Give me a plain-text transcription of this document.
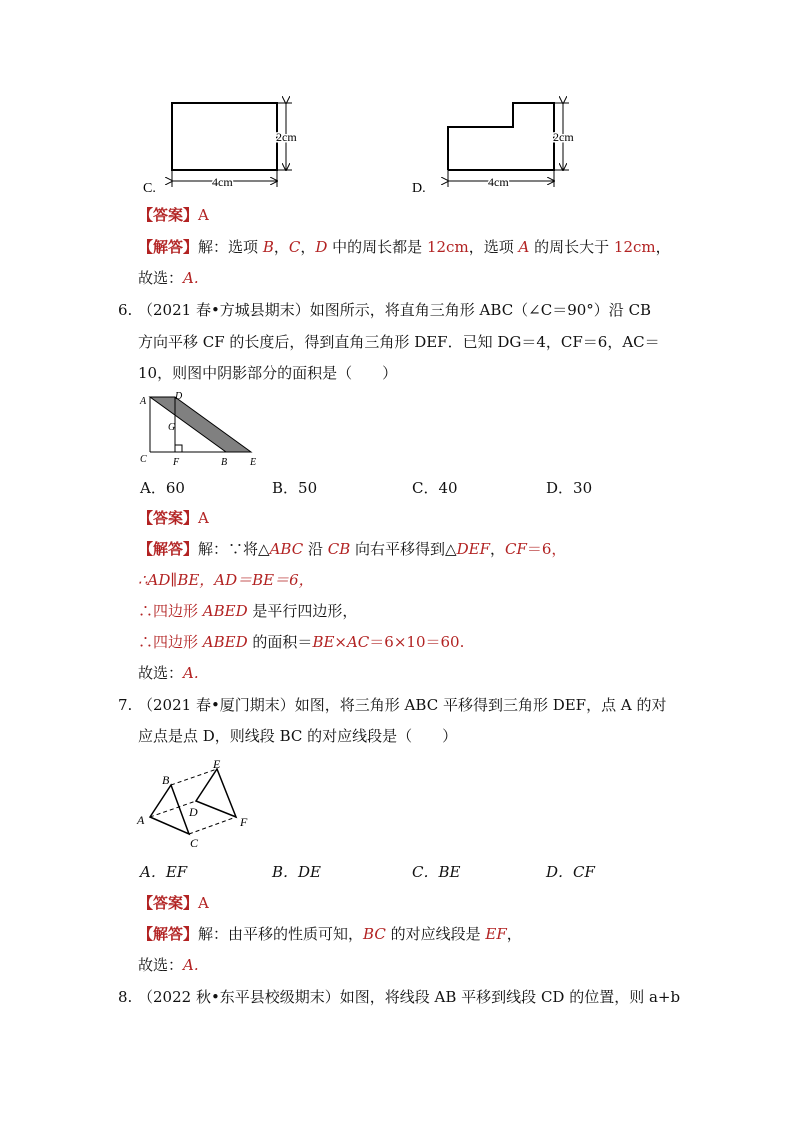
C.	4cm
2cm
D.	4cm
2cm
【答案】A
【解答】解：选项 B，C，D 中的周长都是 12cm，选项 A 的周长大于 12cm，
故选：A.
6. （2021 春•方城县期末）如图所示，将直角三角形 ABC（∠C＝90°）沿 CB
方向平移 CF 的长度后，得到直角三角形 DEF．已知 DG＝4，CF＝6，AC＝
10，则图中阴影部分的面积是（　　）
A	D
G
C	F	B E
A．60	B．50	C．40	D．30
【答案】A
【解答】解：∵将△ABC 沿 CB 向右平移得到△DEF，CF＝6，
∴AD∥BE，AD＝BE＝6，
∴四边形 ABED 是平行四边形，
∴四边形 ABED 的面积＝BE×AC＝6×10＝60.
故选：A.
7. （2021 春•厦门期末）如图，将三角形 ABC 平移得到三角形 DEF，点 A 的对
应点是点 D，则线段 BC 的对应线段是（　　）
A
B
C
D
E
F
A．EF	B．DE	C．BE	D．CF
【答案】A
【解答】解：由平移的性质可知，BC 的对应线段是 EF，
故选：A.
8. （2022 秋•东平县校级期末）如图，将线段 AB 平移到线段 CD 的位置，则 a+b
